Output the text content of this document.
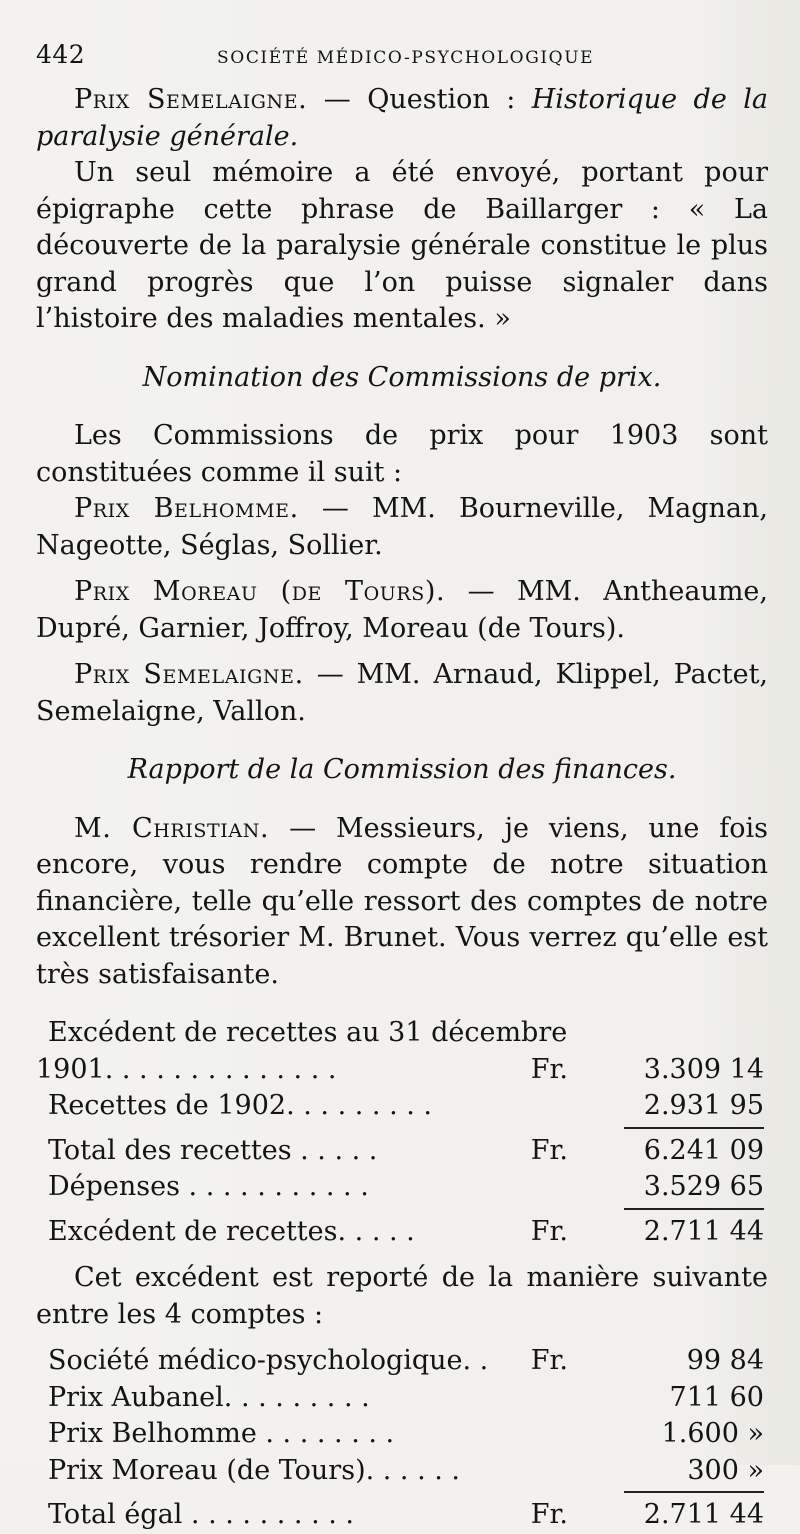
442	SOCIÉTÉ MÉDICO-PSYCHOLOGIQUE

Prix Semelaigne. — Question : Historique de la paralysie générale.

Un seul mémoire a été envoyé, portant pour épigraphe cette phrase de Baillarger : « La découverte de la paralysie générale constitue le plus grand progrès que l’on puisse signaler dans l’histoire des maladies mentales. »

Nomination des Commissions de prix.

Les Commissions de prix pour 1903 sont constituées comme il suit :

Prix Belhomme. — MM. Bourneville, Magnan, Nageotte, Séglas, Sollier.

Prix Moreau (de Tours). — MM. Antheaume, Dupré, Garnier, Joffroy, Moreau (de Tours).

Prix Semelaigne. — MM. Arnaud, Klippel, Pactet, Semelaigne, Vallon.

Rapport de la Commission des finances.

M. Christian. — Messieurs, je viens, une fois encore, vous rendre compte de notre situation financière, telle qu’elle ressort des comptes de notre excellent trésorier M. Brunet. Vous verrez qu’elle est très satisfaisante.

Excédent de recettes au 31 décembre
1901. . . . . . . . . . . . . .	Fr.	3.309 14
Recettes de 1902. . . . . . . . .	2.931 95
Total des recettes . . . . .	Fr.	6.241 09
Dépenses . . . . . . . . . . .	3.529 65
Excédent de recettes. . . . .	Fr.	2.711 44

Cet excédent est reporté de la manière suivante entre les 4 comptes :

Société médico-psychologique. .	Fr.	99 84
Prix Aubanel. . . . . . . . .	711 60
Prix Belhomme . . . . . . . .	1.600 »
Prix Moreau (de Tours). . . . . .	300 »
Total égal . . . . . . . . . .	Fr.	2.711 44
